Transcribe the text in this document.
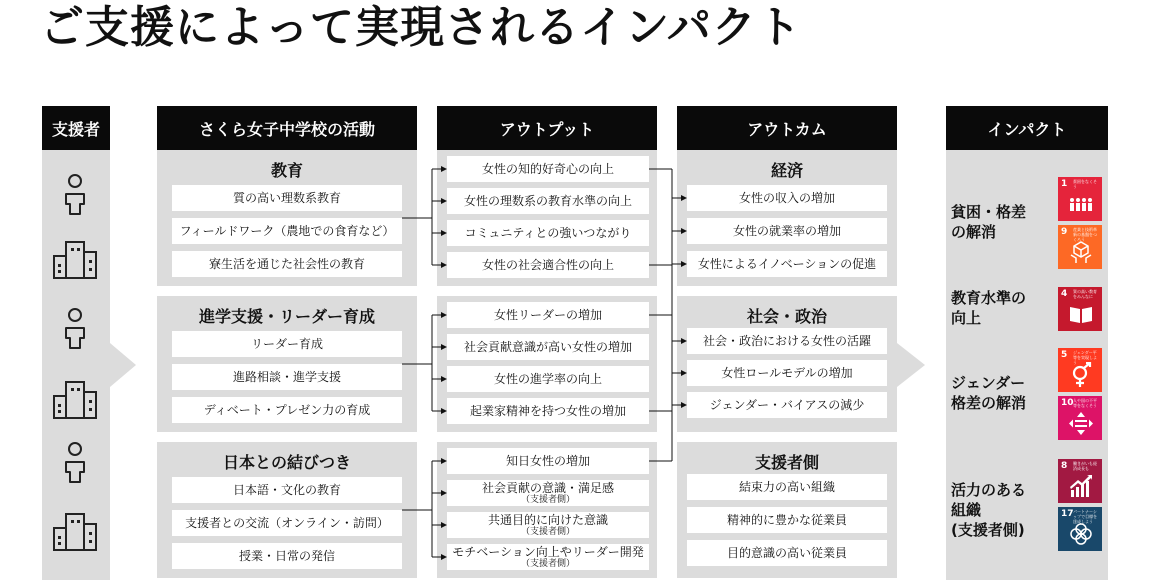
ご支援によって実現されるインパクト
支援者	さくら女子中学校の活動	アウトプット	アウトカム	インパクト
教育
質の高い理数系教育
フィールドワーク（農地での食育など）
寮生活を通じた社会性の教育
進学支援・リーダー育成
リーダー育成
進路相談・進学支援
ディベート・プレゼン力の育成
日本との結びつき
日本語・文化の教育
支援者との交流（オンライン・訪問）
授業・日常の発信
女性の知的好奇心の向上
女性の理数系の教育水準の向上
コミュニティとの強いつながり
女性の社会適合性の向上
女性リーダーの増加
社会貢献意識が高い女性の増加
女性の進学率の向上
起業家精神を持つ女性の増加
知日女性の増加
社会貢献の意識・満足感
（支援者側）
共通目的に向けた意識
（支援者側）
モチベーション向上やリーダー開発
（支援者側）
経済
女性の収入の増加
女性の就業率の増加
女性によるイノベーションの促進
社会・政治
社会・政治における女性の活躍
女性ロールモデルの増加
ジェンダー・バイアスの減少
支援者側
結束力の高い組織
精神的に豊かな従業員
目的意識の高い従業員
貧困・格差
の解消
教育水準の
向上
ジェンダー
格差の解消
活力のある
組織
(支援者側)
1 貧困をなくそう
9 産業と技術革新の基盤をつくろう
4 質の高い教育をみんなに
5 ジェンダー平等を実現しよう
10 人や国の不平等をなくそう
8 働きがいも経済成長も
17 パートナーシップで目標を達成しよう
